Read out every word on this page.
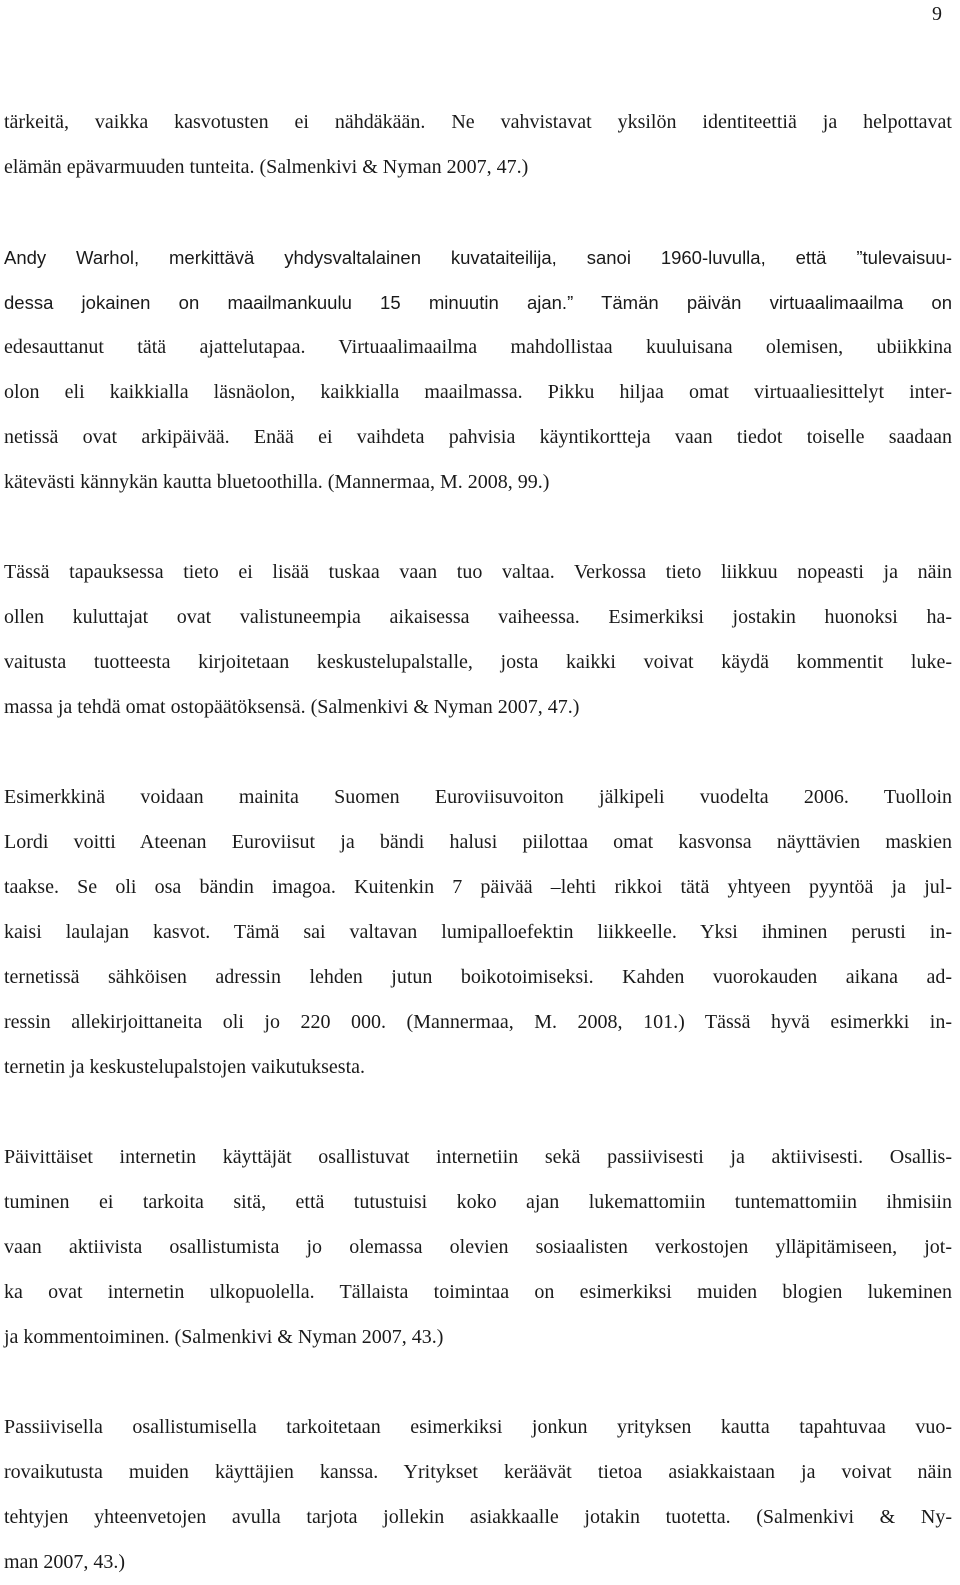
9
tärkeitä, vaikka kasvotusten ei nähdäkään. Ne vahvistavat yksilön identiteettiä ja helpottavat
elämän epävarmuuden tunteita. (Salmenkivi & Nyman 2007, 47.)
Andy Warhol, merkittävä yhdysvaltalainen kuvataiteilija, sanoi 1960-luvulla, että ”tulevaisuu-
dessa jokainen on maailmankuulu 15 minuutin ajan.” Tämän päivän virtuaalimaailma on
edesauttanut tätä ajattelutapaa. Virtuaalimaailma mahdollistaa kuuluisana olemisen, ubiikkina
olon eli kaikkialla läsnäolon, kaikkialla maailmassa. Pikku hiljaa omat virtuaaliesittelyt inter-
netissä ovat arkipäivää. Enää ei vaihdeta pahvisia käyntikortteja vaan tiedot toiselle saadaan
kätevästi kännykän kautta bluetoothilla. (Mannermaa, M. 2008, 99.)
Tässä tapauksessa tieto ei lisää tuskaa vaan tuo valtaa. Verkossa tieto liikkuu nopeasti ja näin
ollen kuluttajat ovat valistuneempia aikaisessa vaiheessa. Esimerkiksi jostakin huonoksi ha-
vaitusta tuotteesta kirjoitetaan keskustelupalstalle, josta kaikki voivat käydä kommentit luke-
massa ja tehdä omat ostopäätöksensä. (Salmenkivi & Nyman 2007, 47.)
Esimerkkinä voidaan mainita Suomen Euroviisuvoiton jälkipeli vuodelta 2006. Tuolloin
Lordi voitti Ateenan Euroviisut ja bändi halusi piilottaa omat kasvonsa näyttävien maskien
taakse. Se oli osa bändin imagoa. Kuitenkin 7 päivää –lehti rikkoi tätä yhtyeen pyyntöä ja jul-
kaisi laulajan kasvot. Tämä sai valtavan lumipalloefektin liikkeelle. Yksi ihminen perusti in-
ternetissä sähköisen adressin lehden jutun boikotoimiseksi. Kahden vuorokauden aikana ad-
ressin allekirjoittaneita oli jo 220 000. (Mannermaa, M. 2008, 101.) Tässä hyvä esimerkki in-
ternetin ja keskustelupalstojen vaikutuksesta.
Päivittäiset internetin käyttäjät osallistuvat internetiin sekä passiivisesti ja aktiivisesti. Osallis-
tuminen ei tarkoita sitä, että tutustuisi koko ajan lukemattomiin tuntemattomiin ihmisiin
vaan aktiivista osallistumista jo olemassa olevien sosiaalisten verkostojen ylläpitämiseen, jot-
ka ovat internetin ulkopuolella. Tällaista toimintaa on esimerkiksi muiden blogien lukeminen
ja kommentoiminen. (Salmenkivi & Nyman 2007, 43.)
Passiivisella osallistumisella tarkoitetaan esimerkiksi jonkun yrityksen kautta tapahtuvaa vuo-
rovaikutusta muiden käyttäjien kanssa. Yritykset keräävät tietoa asiakkaistaan ja voivat näin
tehtyjen yhteenvetojen avulla tarjota jollekin asiakkaalle jotakin tuotetta. (Salmenkivi & Ny-
man 2007, 43.)
